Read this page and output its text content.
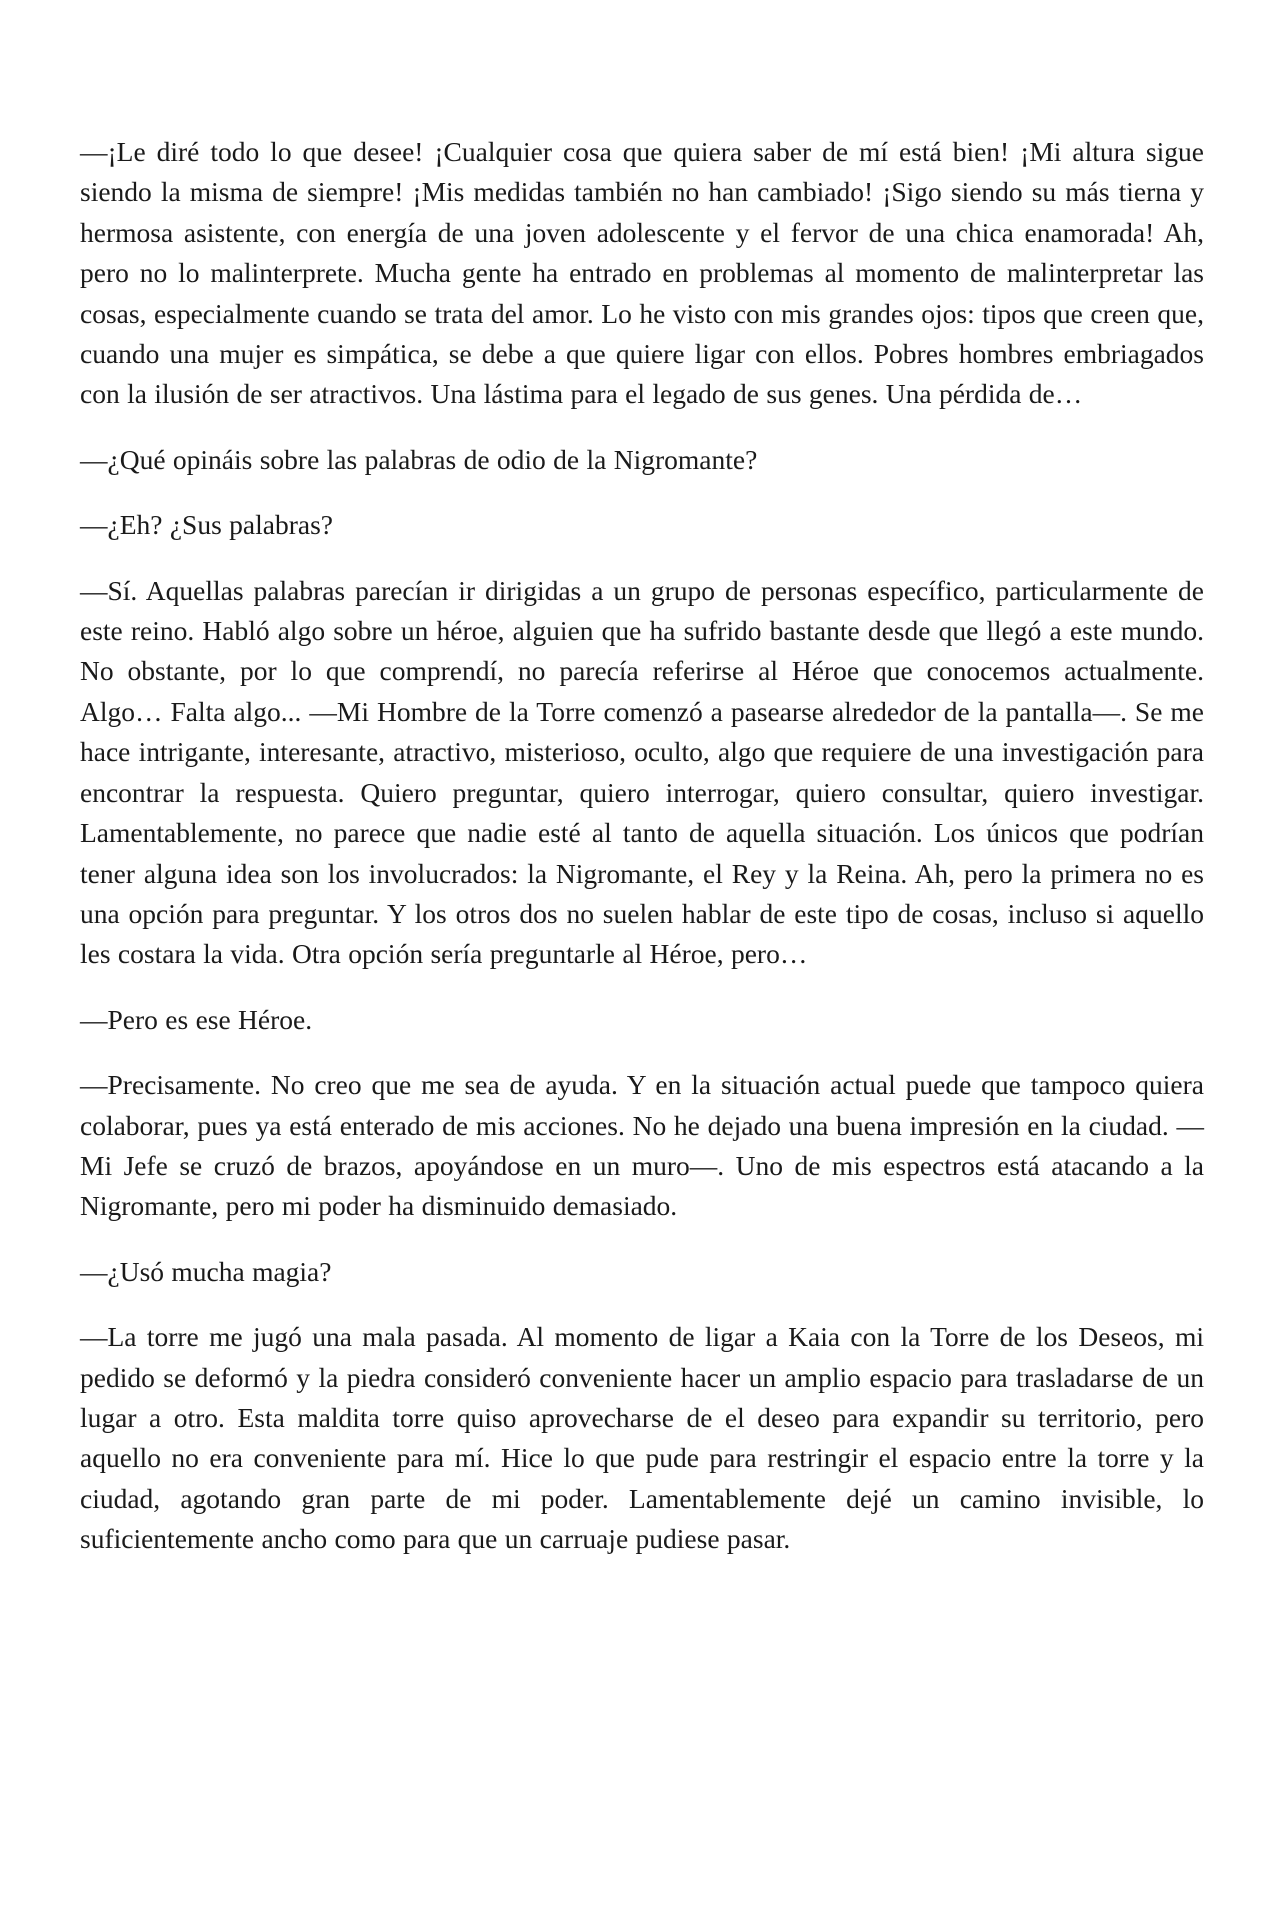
—¡Le diré todo lo que desee! ¡Cualquier cosa que quiera saber de mí está bien! ¡Mi altura sigue siendo la misma de siempre! ¡Mis medidas también no han cambiado! ¡Sigo siendo su más tierna y hermosa asistente, con energía de una joven adolescente y el fervor de una chica enamorada! Ah, pero no lo malinterprete. Mucha gente ha entrado en problemas al momento de malinterpretar las cosas, especialmente cuando se trata del amor. Lo he visto con mis grandes ojos: tipos que creen que, cuando una mujer es simpática, se debe a que quiere ligar con ellos. Pobres hombres embriagados con la ilusión de ser atractivos. Una lástima para el legado de sus genes. Una pérdida de…

—¿Qué opináis sobre las palabras de odio de la Nigromante?

—¿Eh? ¿Sus palabras?

—Sí. Aquellas palabras parecían ir dirigidas a un grupo de personas específico, particularmente de este reino. Habló algo sobre un héroe, alguien que ha sufrido bastante desde que llegó a este mundo. No obstante, por lo que comprendí, no parecía referirse al Héroe que conocemos actualmente. Algo… Falta algo... —Mi Hombre de la Torre comenzó a pasearse alrededor de la pantalla—. Se me hace intrigante, interesante, atractivo, misterioso, oculto, algo que requiere de una investigación para encontrar la respuesta. Quiero preguntar, quiero interrogar, quiero consultar, quiero investigar. Lamentablemente, no parece que nadie esté al tanto de aquella situación. Los únicos que podrían tener alguna idea son los involucrados: la Nigromante, el Rey y la Reina. Ah, pero la primera no es una opción para preguntar. Y los otros dos no suelen hablar de este tipo de cosas, incluso si aquello les costara la vida. Otra opción sería preguntarle al Héroe, pero…

—Pero es ese Héroe.

—Precisamente. No creo que me sea de ayuda. Y en la situación actual puede que tampoco quiera colaborar, pues ya está enterado de mis acciones. No he dejado una buena impresión en la ciudad. —Mi Jefe se cruzó de brazos, apoyándose en un muro—. Uno de mis espectros está atacando a la Nigromante, pero mi poder ha disminuido demasiado.

—¿Usó mucha magia?

—La torre me jugó una mala pasada. Al momento de ligar a Kaia con la Torre de los Deseos, mi pedido se deformó y la piedra consideró conveniente hacer un amplio espacio para trasladarse de un lugar a otro. Esta maldita torre quiso aprovecharse de el deseo para expandir su territorio, pero aquello no era conveniente para mí. Hice lo que pude para restringir el espacio entre la torre y la ciudad, agotando gran parte de mi poder. Lamentablemente dejé un camino invisible, lo suficientemente ancho como para que un carruaje pudiese pasar.
